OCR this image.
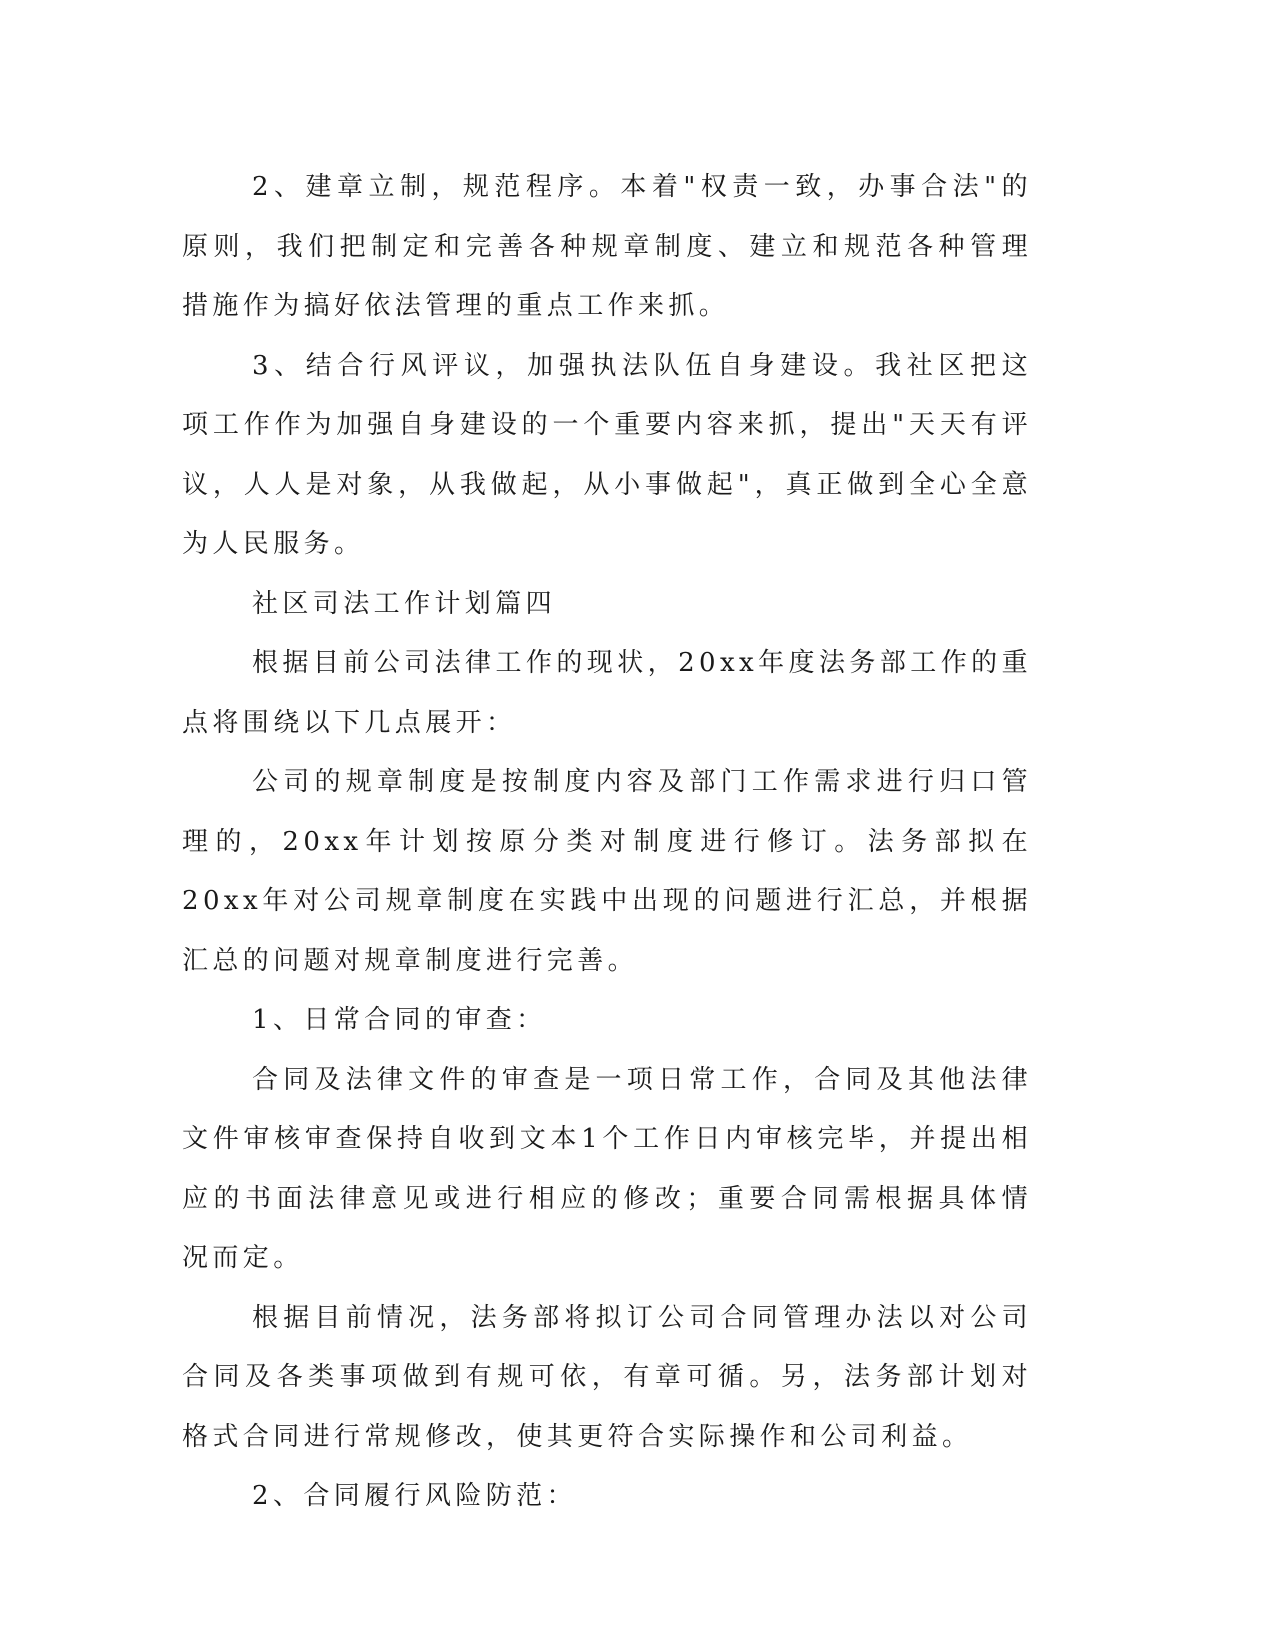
2、建章立制，规范程序。本着"权责一致，办事合法"的原则，我们把制定和完善各种规章制度、建立和规范各种管理措施作为搞好依法管理的重点工作来抓。

3、结合行风评议，加强执法队伍自身建设。我社区把这项工作作为加强自身建设的一个重要内容来抓，提出"天天有评议，人人是对象，从我做起，从小事做起"，真正做到全心全意为人民服务。

社区司法工作计划篇四

根据目前公司法律工作的现状，20xx年度法务部工作的重点将围绕以下几点展开：

公司的规章制度是按制度内容及部门工作需求进行归口管理的，20xx年计划按原分类对制度进行修订。法务部拟在20xx年对公司规章制度在实践中出现的问题进行汇总，并根据汇总的问题对规章制度进行完善。

1、日常合同的审查：

合同及法律文件的审查是一项日常工作，合同及其他法律文件审核审查保持自收到文本1个工作日内审核完毕，并提出相应的书面法律意见或进行相应的修改；重要合同需根据具体情况而定。

根据目前情况，法务部将拟订公司合同管理办法以对公司合同及各类事项做到有规可依，有章可循。另，法务部计划对格式合同进行常规修改，使其更符合实际操作和公司利益。

2、合同履行风险防范：
